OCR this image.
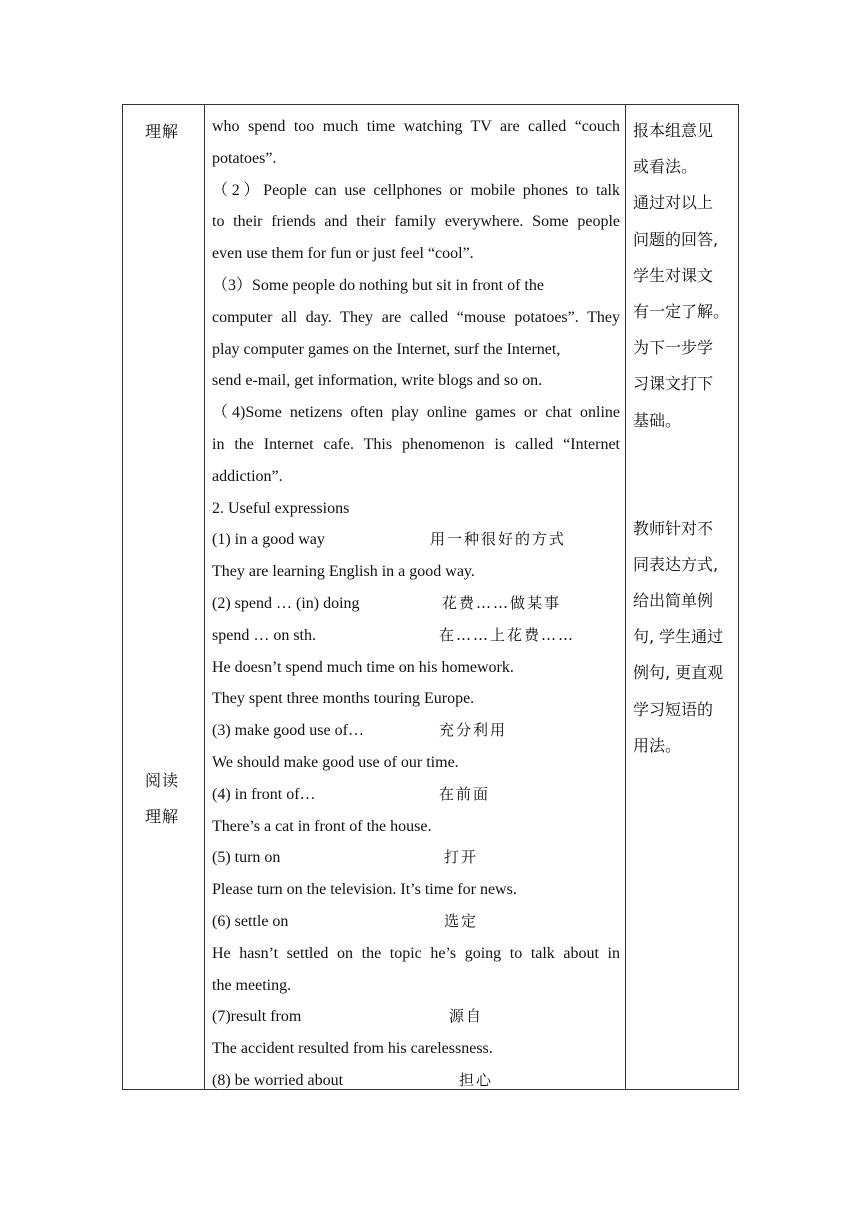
理解
阅读
理解
who spend too much time watching TV are called “couch
potatoes”.
（2）People can use cellphones or mobile phones to talk
to their friends and their family everywhere. Some people
even use them for fun or just feel “cool”.
（3）Some people do nothing but sit in front of the
computer all day. They are called “mouse potatoes”. They
play computer games on the Internet, surf the Internet,
send e-mail, get information, write blogs and so on.
（4)Some netizens often play online games or chat online
in the Internet cafe. This phenomenon is called “Internet
addiction”.
2. Useful expressions
(1) in a good way	用一种很好的方式
They are learning English in a good way.
(2) spend … (in) doing	花费……做某事
spend … on sth.	在……上花费……
He doesn’t spend much time on his homework.
They spent three months touring Europe.
(3) make good use of…	充分利用
We should make good use of our time.
(4) in front of…	在前面
There’s a cat in front of the house.
(5) turn on	打开
Please turn on the television. It’s time for news.
(6) settle on	选定
He hasn’t settled on the topic he’s going to talk about in
the meeting.
(7)result from	源自
The accident resulted from his carelessness.
(8) be worried about	担心
报本组意见
或看法。
通过对以上
问题的回答,
学生对课文
有一定了解。
为下一步学
习课文打下
基础。
教师针对不
同表达方式,
给出简单例
句, 学生通过
例句, 更直观
学习短语的
用法。
